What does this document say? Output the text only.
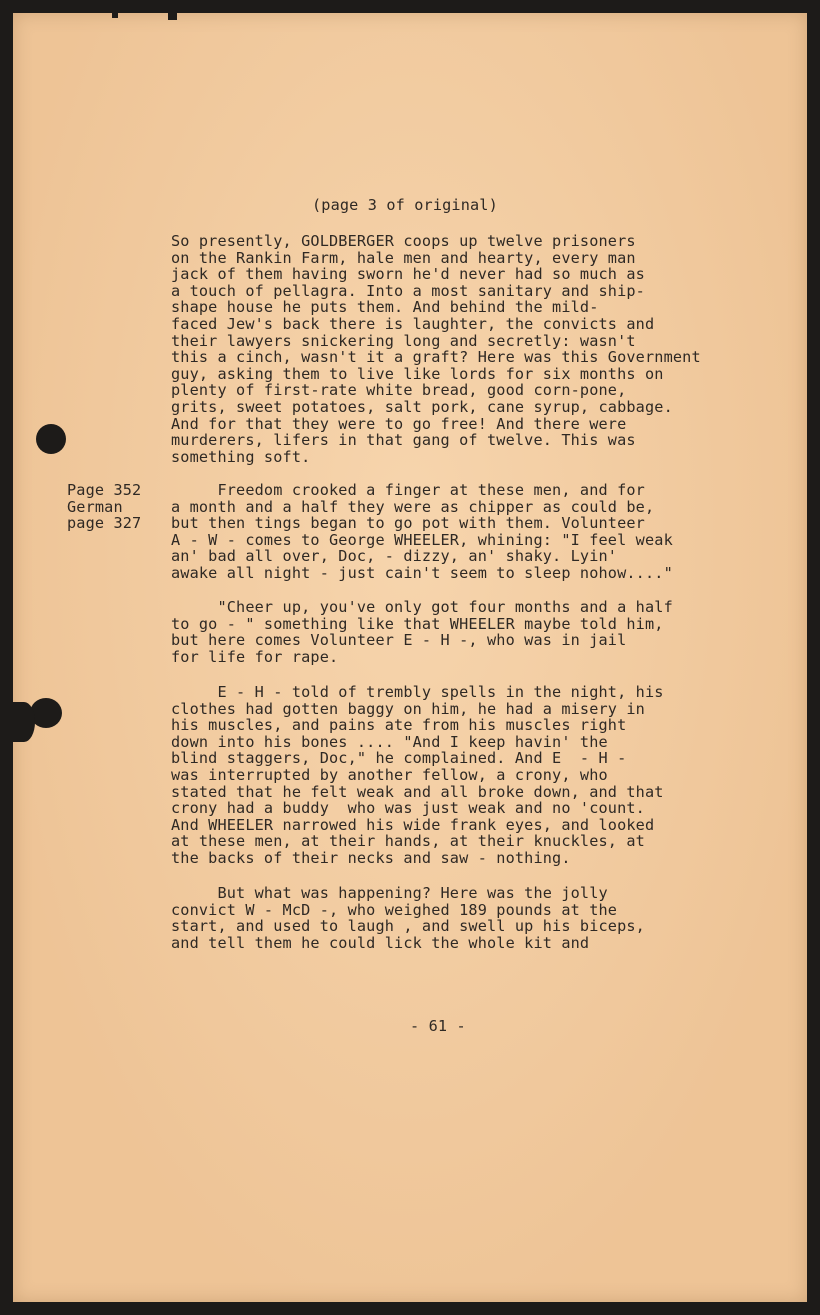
(page 3 of original)

So presently, GOLDBERGER coops up twelve prisoners
on the Rankin Farm, hale men and hearty, every man
jack of them having sworn he'd never had so much as
a touch of pellagra. Into a most sanitary and ship-
shape house he puts them. And behind the mild-
faced Jew's back there is laughter, the convicts and
their lawyers snickering long and secretly: wasn't
this a cinch, wasn't it a graft? Here was this Government
guy, asking them to live like lords for six months on
plenty of first-rate white bread, good corn-pone,
grits, sweet potatoes, salt pork, cane syrup, cabbage.
And for that they were to go free! And there were
murderers, lifers in that gang of twelve. This was
something soft.
Page 352
German
page 327
Freedom crooked a finger at these men, and for
a month and a half they were as chipper as could be,
but then tings began to go pot with them. Volunteer
A - W - comes to George WHEELER, whining: "I feel weak
an' bad all over, Doc, - dizzy, an' shaky. Lyin'
awake all night - just cain't seem to sleep nohow...."
"Cheer up, you've only got four months and a half
to go - " something like that WHEELER maybe told him,
but here comes Volunteer E - H -, who was in jail
for life for rape.
E - H - told of trembly spells in the night, his
clothes had gotten baggy on him, he had a misery in
his muscles, and pains ate from his muscles right
down into his bones .... "And I keep havin' the
blind staggers, Doc," he complained. And E  - H -
was interrupted by another fellow, a crony, who
stated that he felt weak and all broke down, and that
crony had a buddy  who was just weak and no 'count.
And WHEELER narrowed his wide frank eyes, and looked
at these men, at their hands, at their knuckles, at
the backs of their necks and saw - nothing.
But what was happening? Here was the jolly
convict W - McD -, who weighed 189 pounds at the
start, and used to laugh , and swell up his biceps,
and tell them he could lick the whole kit and

- 61 -
